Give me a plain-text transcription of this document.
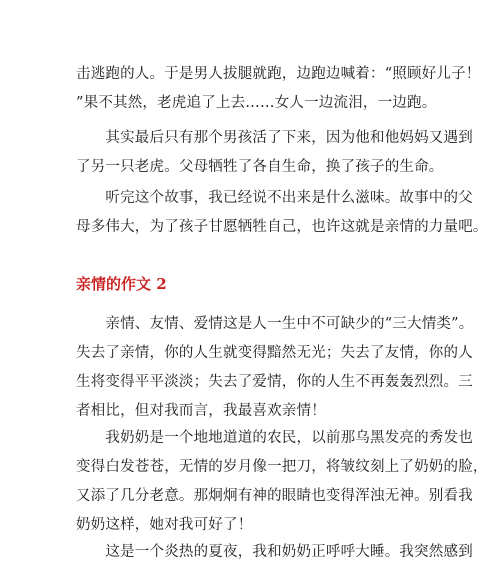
击逃跑的人。于是男人拔腿就跑，边跑边喊着：“照顾好儿子！
”果不其然，老虎追了上去……女人一边流泪，一边跑。

　　其实最后只有那个男孩活了下来，因为他和他妈妈又遇到
了另一只老虎。父母牺牲了各自生命，换了孩子的生命。

　　听完这个故事，我已经说不出来是什么滋味。故事中的父
母多伟大，为了孩子甘愿牺牲自己，也许这就是亲情的力量吧。

亲情的作文 2

　　亲情、友情、爱情这是人一生中不可缺少的“三大情类”。
失去了亲情，你的人生就变得黯然无光；失去了友情，你的人
生将变得平平淡淡；失去了爱情，你的人生不再轰轰烈烈。三
者相比，但对我而言，我最喜欢亲情！

　　我奶奶是一个地地道道的农民，以前那乌黑发亮的秀发也
变得白发苍苍，无情的岁月像一把刀，将皱纹刻上了奶奶的脸，
又添了几分老意。那炯炯有神的眼睛也变得浑浊无神。别看我
奶奶这样，她对我可好了！

　　这是一个炎热的夏夜，我和奶奶正呼呼大睡。我突然感到
